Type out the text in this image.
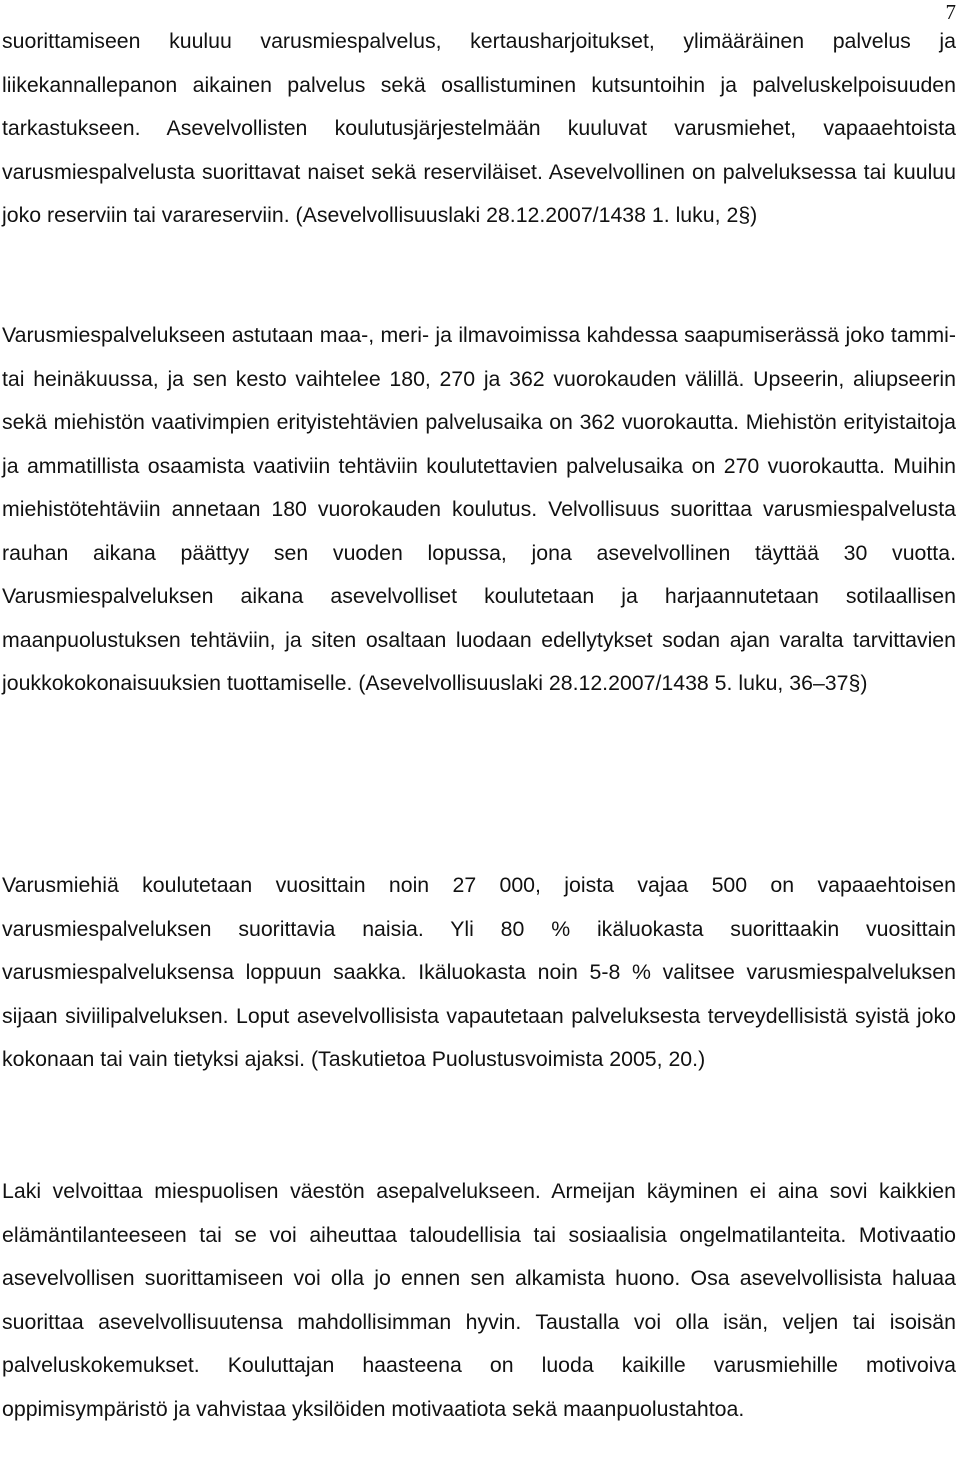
7

suorittamiseen kuuluu varusmiespalvelus, kertausharjoitukset, ylimääräinen palvelus ja liikekannallepanon aikainen palvelus sekä osallistuminen kutsuntoihin ja palveluskelpoisuuden tarkastukseen. Asevelvollisten koulutusjärjestelmään kuuluvat varusmiehet, vapaaehtoista varusmiespalvelusta suorittavat naiset sekä reserviläiset. Asevelvollinen on palveluksessa tai kuuluu joko reserviin tai varareserviin. (Asevelvollisuuslaki 28.12.2007/1438 1. luku, 2§)

Varusmiespalvelukseen astutaan maa-, meri- ja ilmavoimissa kahdessa saapumiserässä joko tammi- tai heinäkuussa, ja sen kesto vaihtelee 180, 270 ja 362 vuorokauden välillä. Upseerin, aliupseerin sekä miehistön vaativimpien erityistehtävien palvelusaika on 362 vuorokautta. Miehistön erityistaitoja ja ammatillista osaamista vaativiin tehtäviin koulutettavien palvelusaika on 270 vuorokautta. Muihin miehistötehtäviin annetaan 180 vuorokauden koulutus. Velvollisuus suorittaa varusmiespalvelusta rauhan aikana päättyy sen vuoden lopussa, jona asevelvollinen täyttää 30 vuotta. Varusmiespalveluksen aikana asevelvolliset koulutetaan ja harjaannutetaan sotilaallisen maanpuolustuksen tehtäviin, ja siten osaltaan luodaan edellytykset sodan ajan varalta tarvittavien joukkokokonaisuuksien tuottamiselle. (Asevelvollisuuslaki 28.12.2007/1438 5. luku, 36–37§)

Varusmiehiä koulutetaan vuosittain noin 27 000, joista vajaa 500 on vapaaehtoisen varusmiespalveluksen suorittavia naisia. Yli 80 % ikäluokasta suorittaakin vuosittain varusmiespalveluksensa loppuun saakka. Ikäluokasta noin 5-8 % valitsee varusmiespalveluksen sijaan siviilipalveluksen. Loput asevelvollisista vapautetaan palveluksesta terveydellisistä syistä joko kokonaan tai vain tietyksi ajaksi. (Taskutietoa Puolustusvoimista 2005, 20.)

Laki velvoittaa miespuolisen väestön asepalvelukseen. Armeijan käyminen ei aina sovi kaikkien elämäntilanteeseen tai se voi aiheuttaa taloudellisia tai sosiaalisia ongelmatilanteita. Motivaatio asevelvollisen suorittamiseen voi olla jo ennen sen alkamista huono. Osa asevelvollisista haluaa suorittaa asevelvollisuutensa mahdollisimman hyvin. Taustalla voi olla isän, veljen tai isoisän palveluskokemukset. Kouluttajan haasteena on luoda kaikille varusmiehille motivoiva oppimisympäristö ja vahvistaa yksilöiden motivaatiota sekä maanpuolustahtoa.
